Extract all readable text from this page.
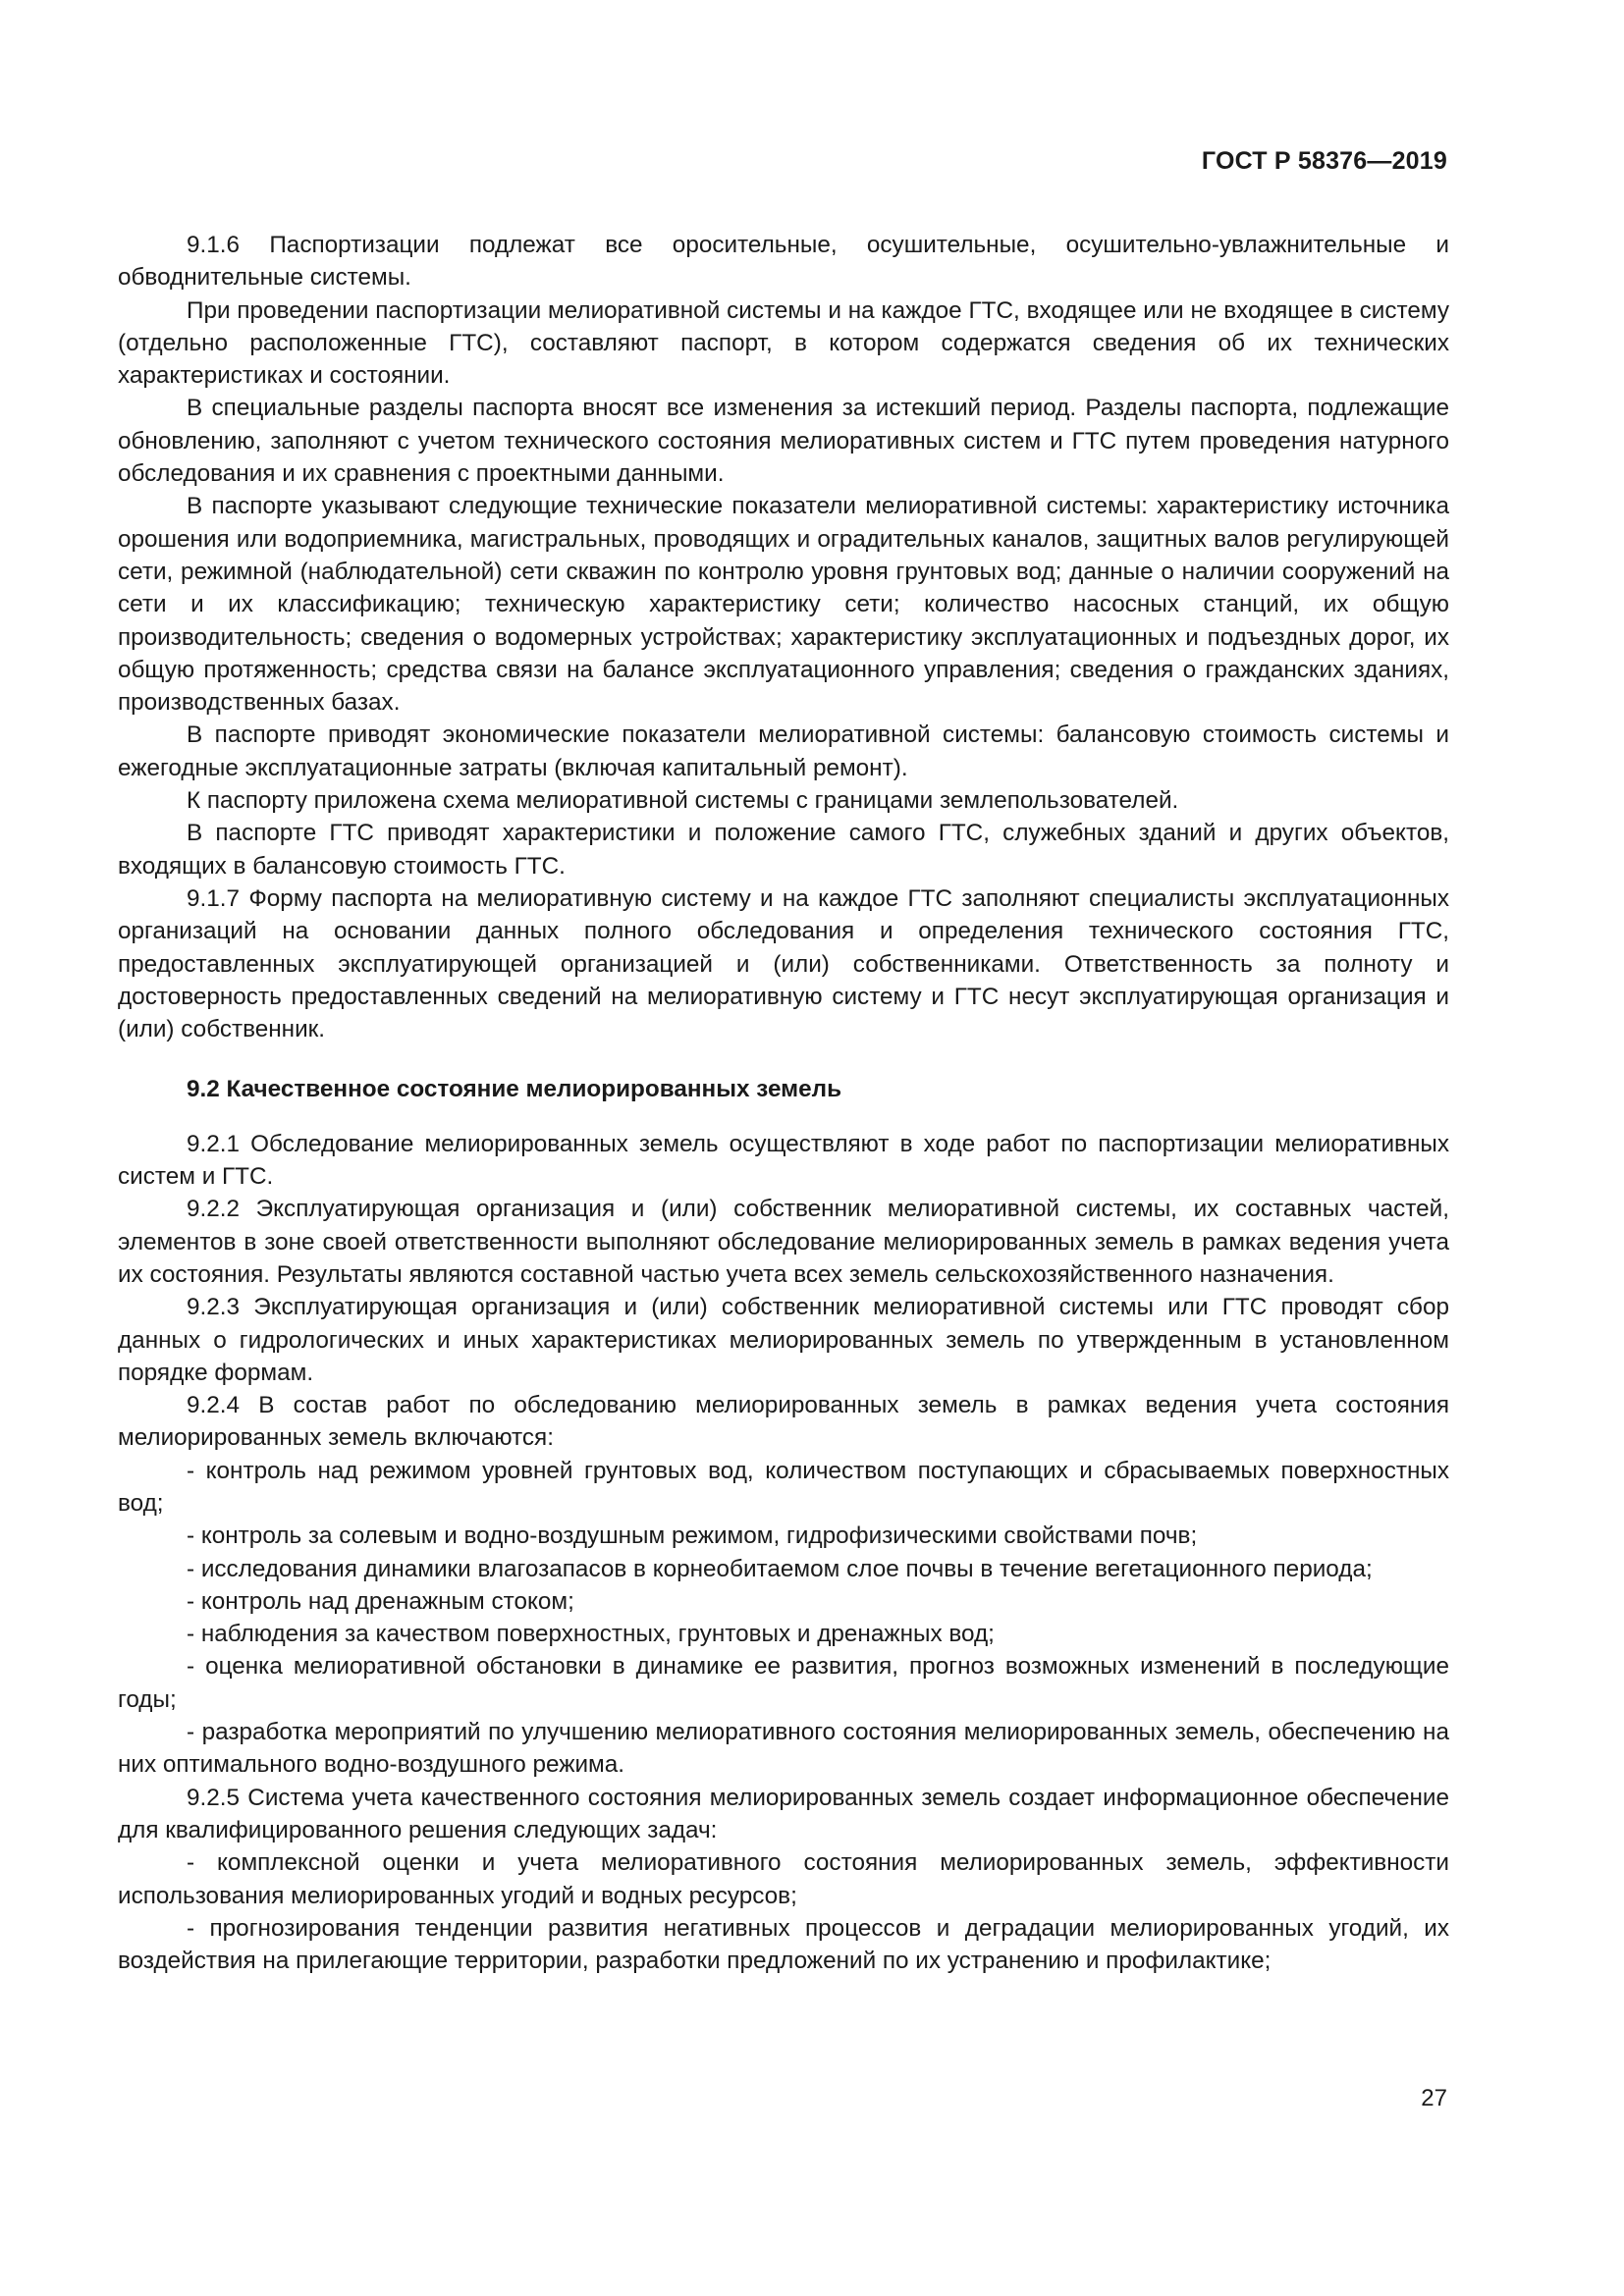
ГОСТ Р 58376—2019

9.1.6 Паспортизации подлежат все оросительные, осушительные, осушительно-увлажнительные и обводнительные системы.

При проведении паспортизации мелиоративной системы и на каждое ГТС, входящее или не входящее в систему (отдельно расположенные ГТС), составляют паспорт, в котором содержатся сведения об их технических характеристиках и состоянии.

В специальные разделы паспорта вносят все изменения за истекший период. Разделы паспорта, подлежащие обновлению, заполняют с учетом технического состояния мелиоративных систем и ГТС путем проведения натурного обследования и их сравнения с проектными данными.

В паспорте указывают следующие технические показатели мелиоративной системы: характеристику источника орошения или водоприемника, магистральных, проводящих и оградительных каналов, защитных валов регулирующей сети, режимной (наблюдательной) сети скважин по контролю уровня грунтовых вод; данные о наличии сооружений на сети и их классификацию; техническую характеристику сети; количество насосных станций, их общую производительность; сведения о водомерных устройствах; характеристику эксплуатационных и подъездных дорог, их общую протяженность; средства связи на балансе эксплуатационного управления; сведения о гражданских зданиях, производственных базах.

В паспорте приводят экономические показатели мелиоративной системы: балансовую стоимость системы и ежегодные эксплуатационные затраты (включая капитальный ремонт).

К паспорту приложена схема мелиоративной системы с границами землепользователей.

В паспорте ГТС приводят характеристики и положение самого ГТС, служебных зданий и других объектов, входящих в балансовую стоимость ГТС.

9.1.7 Форму паспорта на мелиоративную систему и на каждое ГТС заполняют специалисты эксплуатационных организаций на основании данных полного обследования и определения технического состояния ГТС, предоставленных эксплуатирующей организацией и (или) собственниками. Ответственность за полноту и достоверность предоставленных сведений на мелиоративную систему и ГТС несут эксплуатирующая организация и (или) собственник.

9.2 Качественное состояние мелиорированных земель

9.2.1 Обследование мелиорированных земель осуществляют в ходе работ по паспортизации мелиоративных систем и ГТС.

9.2.2 Эксплуатирующая организация и (или) собственник мелиоративной системы, их составных частей, элементов в зоне своей ответственности выполняют обследование мелиорированных земель в рамках ведения учета их состояния. Результаты являются составной частью учета всех земель сельскохозяйственного назначения.

9.2.3 Эксплуатирующая организация и (или) собственник мелиоративной системы или ГТС проводят сбор данных о гидрологических и иных характеристиках мелиорированных земель по утвержденным в установленном порядке формам.

9.2.4 В состав работ по обследованию мелиорированных земель в рамках ведения учета состояния мелиорированных земель включаются:

- контроль над режимом уровней грунтовых вод, количеством поступающих и сбрасываемых поверхностных вод;

- контроль за солевым и водно-воздушным режимом, гидрофизическими свойствами почв;

- исследования динамики влагозапасов в корнеобитаемом слое почвы в течение вегетационного периода;

- контроль над дренажным стоком;

- наблюдения за качеством поверхностных, грунтовых и дренажных вод;

- оценка мелиоративной обстановки в динамике ее развития, прогноз возможных изменений в последующие годы;

- разработка мероприятий по улучшению мелиоративного состояния мелиорированных земель, обеспечению на них оптимального водно-воздушного режима.

9.2.5 Система учета качественного состояния мелиорированных земель создает информационное обеспечение для квалифицированного решения следующих задач:

- комплексной оценки и учета мелиоративного состояния мелиорированных земель, эффективности использования мелиорированных угодий и водных ресурсов;

- прогнозирования тенденции развития негативных процессов и деградации мелиорированных угодий, их воздействия на прилегающие территории, разработки предложений по их устранению и профилактике;

27
